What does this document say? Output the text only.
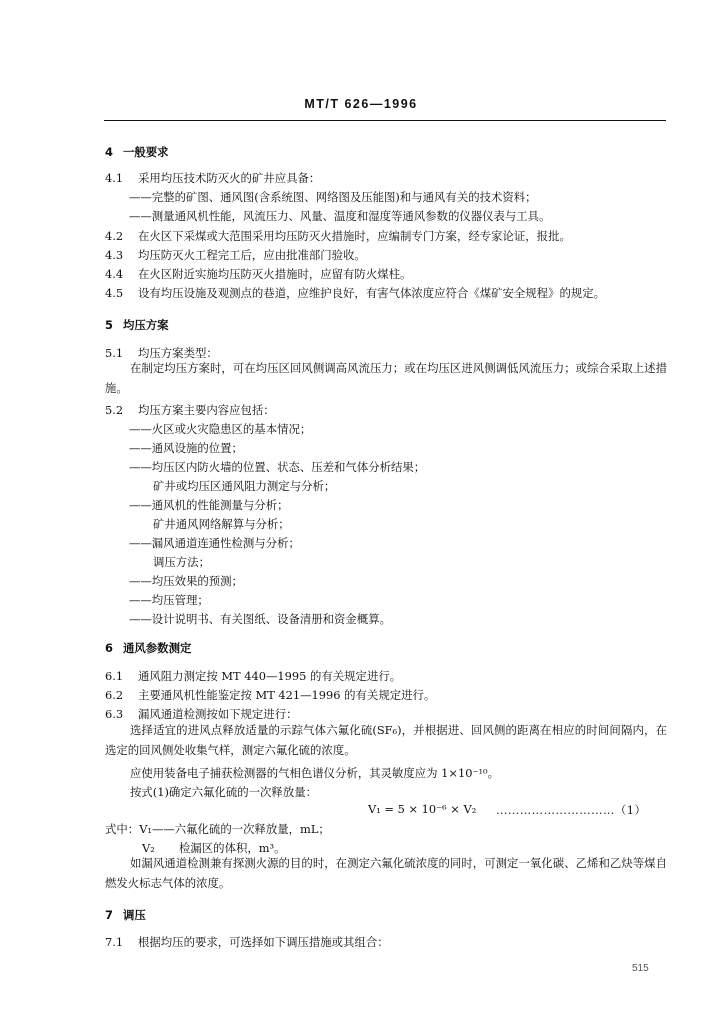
MT/T 626—1996
4 一般要求
4.1 采用均压技术防灭火的矿井应具备：
——完整的矿图、通风图(含系统图、网络图及压能图)和与通风有关的技术资料；
——测量通风机性能，风流压力、风量、温度和湿度等通风参数的仪器仪表与工具。
4.2 在火区下采煤或大范围采用均压防灭火措施时，应编制专门方案，经专家论证，报批。
4.3 均压防灭火工程完工后，应由批准部门验收。
4.4 在火区附近实施均压防灭火措施时，应留有防火煤柱。
4.5 设有均压设施及观测点的巷道，应维护良好，有害气体浓度应符合《煤矿安全规程》的规定。
5 均压方案
5.1 均压方案类型：
在制定均压方案时，可在均压区回风侧调高风流压力；或在均压区进风侧调低风流压力；或综合采取上述措施。
5.2 均压方案主要内容应包括：
——火区或火灾隐患区的基本情况；
——通风设施的位置；
——均压区内防火墙的位置、状态、压差和气体分析结果；
矿井或均压区通风阻力测定与分析；
——通风机的性能测量与分析；
矿井通风网络解算与分析；
——漏风通道连通性检测与分析；
调压方法；
——均压效果的预测；
——均压管理；
——设计说明书、有关图纸、设备清册和资金概算。
6 通风参数测定
6.1 通风阻力测定按 MT 440—1995 的有关规定进行。
6.2 主要通风机性能鉴定按 MT 421—1996 的有关规定进行。
6.3 漏风通道检测按如下规定进行：
选择适宜的进风点释放适量的示踪气体六氟化硫(SF₆)，并根据进、回风侧的距离在相应的时间间隔内，在选定的回风侧处收集气样，测定六氟化硫的浓度。
应使用装备电子捕获检测器的气相色谱仪分析，其灵敏度应为 1×10⁻¹⁰。
按式(1)确定六氟化硫的一次释放量：
V₁ = 5 × 10⁻⁶ × V₂ …………………………（1）
式中：V₁——六氟化硫的一次释放量，mL；
V₂ 检漏区的体积，m³。
如漏风通道检测兼有探测火源的目的时，在测定六氟化硫浓度的同时，可测定一氧化碳、乙烯和乙炔等煤自燃发火标志气体的浓度。
7 调压
7.1 根据均压的要求，可选择如下调压措施或其组合：
515
